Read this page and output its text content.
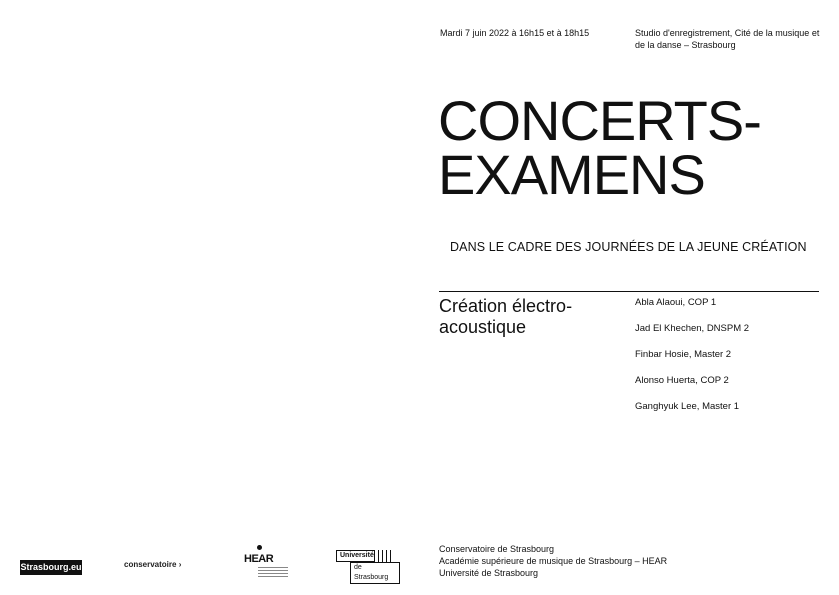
Mardi 7 juin 2022 à 16h15 et à 18h15	Studio d'enregistrement, Cité de la musique et de la danse – Strasbourg
CONCERTS-
EXAMENS
DANS LE CADRE DES JOURNÉES DE LA JEUNE CRÉATION
Création électro-
acoustique
Abla Alaoui, COP 1
Jad El Khechen, DNSPM 2
Finbar Hosie, Master 2
Alonso Huerta, COP 2
Ganghyuk Lee, Master 1
Strasbourg.eu	conservatoire ›	HEAR	Université
de Strasbourg
Conservatoire de Strasbourg
Académie supérieure de musique de Strasbourg – HEAR
Université de Strasbourg
